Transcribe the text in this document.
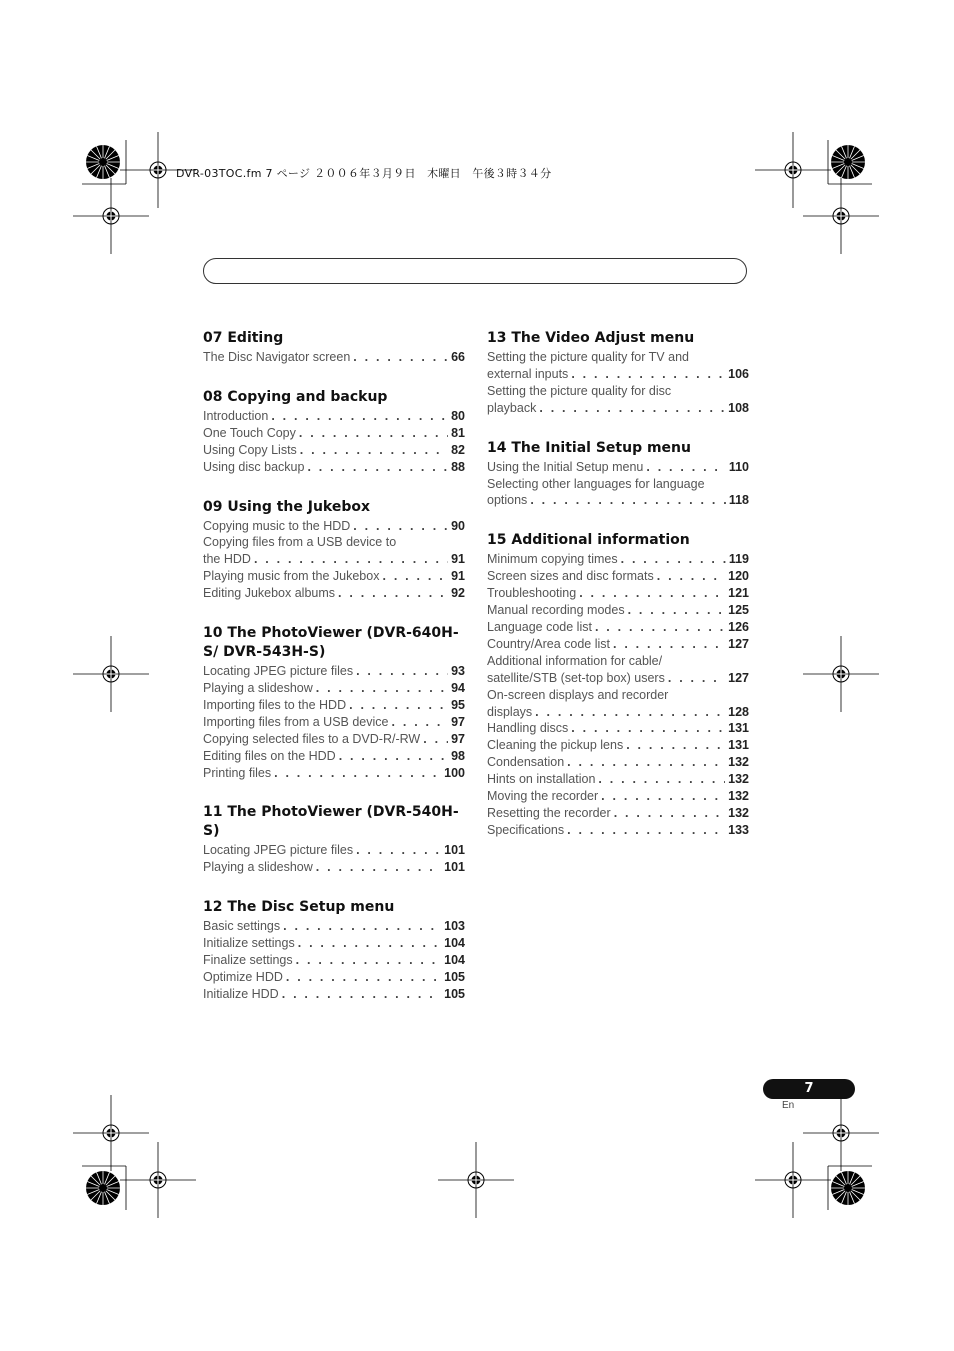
DVR-03TOC.fm 7 ページ ２００６年３月９日　木曜日　午後３時３４分
07 Editing
The Disc Navigator screen . . .	66
08 Copying and backup
Introduction . . .	80
One Touch Copy . . .	81
Using Copy Lists . . .	82
Using disc backup . . .	88
09 Using the Jukebox
Copying music to the HDD . . .	90
Copying files from a USB device to
the HDD . . .	91
Playing music from the Jukebox . . .	91
Editing Jukebox albums . . .	92
10 The PhotoViewer (DVR-640H-S/ DVR-543H-S)
Locating JPEG picture files . . .	93
Playing a slideshow . . .	94
Importing files to the HDD . . .	95
Importing files from a USB device . . .	97
Copying selected files to a DVD-R/-RW . . . 97
Editing files on the HDD . . .	98
Printing files . . .	100
11 The PhotoViewer (DVR-540H-S)
Locating JPEG picture files . . .	101
Playing a slideshow . . .	101
12 The Disc Setup menu
Basic settings . . .	103
Initialize settings . . .	104
Finalize settings . . .	104
Optimize HDD . . .	105
Initialize HDD . . .	105
13 The Video Adjust menu
Setting the picture quality for TV and
external inputs . . .	106
Setting the picture quality for disc
playback . . .	108
14 The Initial Setup menu
Using the Initial Setup menu . . .	110
Selecting other languages for language
options . . .	118
15 Additional information
Minimum copying times . . .	119
Screen sizes and disc formats . . .	120
Troubleshooting . . .	121
Manual recording modes . . .	125
Language code list . . .	126
Country/Area code list . . .	127
Additional information for cable/
satellite/STB (set-top box) users . . .	127
On-screen displays and recorder
displays . . .	128
Handling discs . . .	131
Cleaning the pickup lens . . .	131
Condensation . . .	132
Hints on installation . . .	132
Moving the recorder . . .	132
Resetting the recorder . . .	132
Specifications . . .	133
7
En
